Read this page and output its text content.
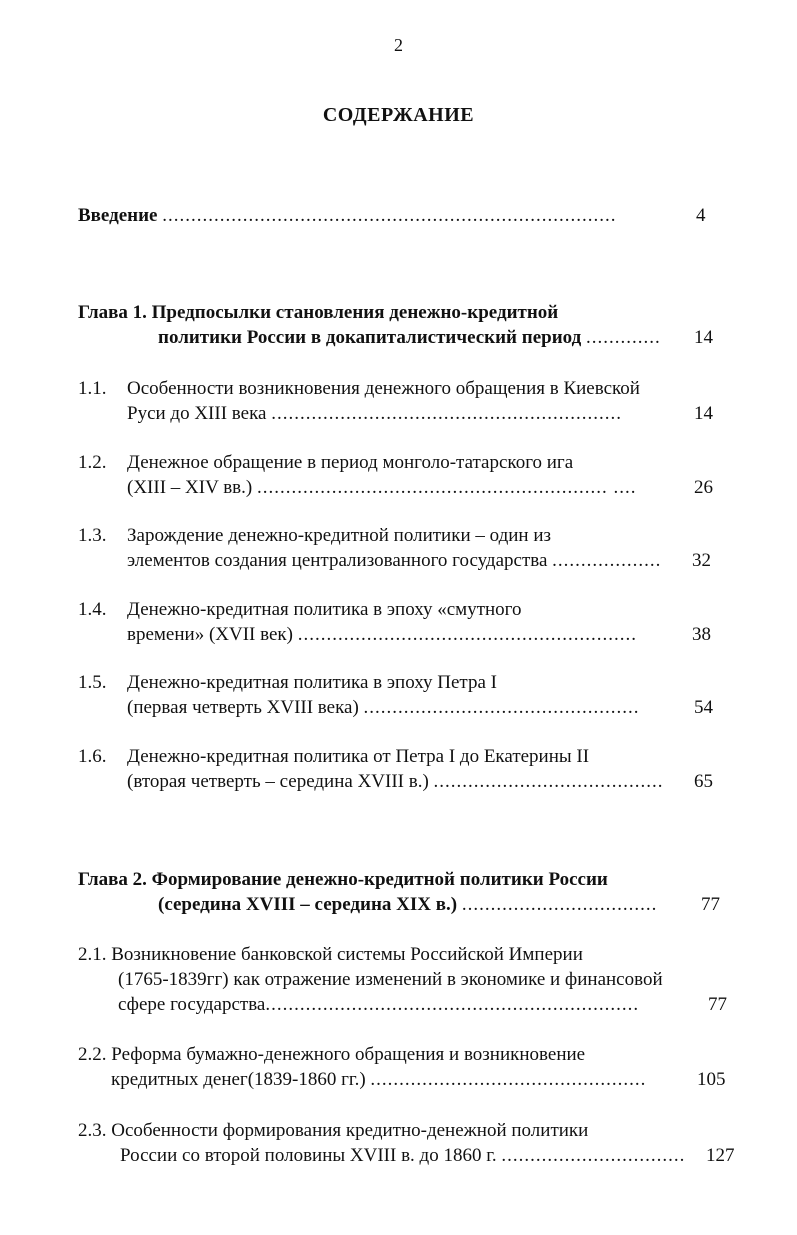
2
СОДЕРЖАНИЕ
Введение ...............................................................................	4
Глава 1. Предпосылки становления денежно-кредитной
политики России в докапиталистический период .............	14
1.1. Особенности возникновения денежного обращения в Киевской
Руси до XIII века .............................................................	14
1.2. Денежное обращение в период монголо-татарского ига
(XIII – XIV вв.) ............................................................. ....	26
1.3. Зарождение денежно-кредитной политики – один из
элементов создания централизованного государства ...................	32
1.4. Денежно-кредитная политика в эпоху «смутного
времени» (XVII век) ...........................................................	38
1.5. Денежно-кредитная политика в эпоху Петра I
(первая четверть XVIII века) ................................................	54
1.6. Денежно-кредитная политика от Петра I до Екатерины II
(вторая четверть – середина XVIII в.) ........................................	65
Глава 2. Формирование денежно-кредитной политики России
(середина XVIII – середина XIX в.) ..................................	77
2.1. Возникновение банковской системы Российской Империи
(1765-1839гг) как отражение изменений в экономике и финансовой
сфере государства.................................................................	77
2.2. Реформа бумажно-денежного обращения и возникновение
кредитных денег(1839-1860 гг.) ................................................	105
2.3. Особенности формирования кредитно-денежной политики
России со второй половины XVIII в. до 1860 г. ................................	127
